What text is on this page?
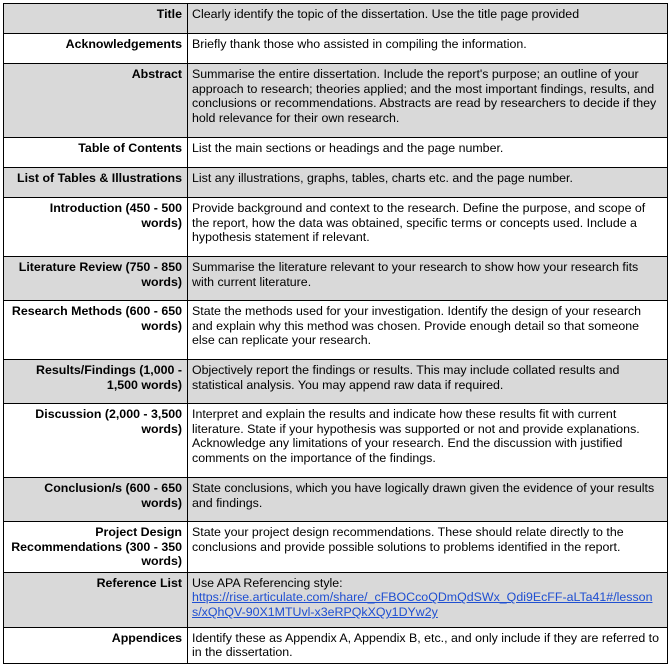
Title	Clearly identify the topic of the dissertation. Use the title page provided
Acknowledgements	Briefly thank those who assisted in compiling the information.
Abstract	Summarise the entire dissertation. Include the report's purpose; an outline of your approach to research; theories applied; and the most important findings, results, and conclusions or recommendations. Abstracts are read by researchers to decide if they hold relevance for their own research.
Table of Contents	List the main sections or headings and the page number.
List of Tables & Illustrations	List any illustrations, graphs, tables, charts etc. and the page number.
Introduction (450 - 500 words)	Provide background and context to the research. Define the purpose, and scope of the report, how the data was obtained, specific terms or concepts used. Include a hypothesis statement if relevant.
Literature Review (750 - 850 words)	Summarise the literature relevant to your research to show how your research fits with current literature.
Research Methods (600 - 650 words)	State the methods used for your investigation. Identify the design of your research and explain why this method was chosen. Provide enough detail so that someone else can replicate your research.
Results/Findings (1,000 - 1,500 words)	Objectively report the findings or results. This may include collated results and statistical analysis. You may append raw data if required.
Discussion (2,000 - 3,500 words)	Interpret and explain the results and indicate how these results fit with current literature. State if your hypothesis was supported or not and provide explanations. Acknowledge any limitations of your research. End the discussion with justified comments on the importance of the findings.
Conclusion/s (600 - 650 words)	State conclusions, which you have logically drawn given the evidence of your results and findings.
Project Design Recommendations (300 - 350 words)	State your project design recommendations. These should relate directly to the conclusions and provide possible solutions to problems identified in the report.
Reference List	Use APA Referencing style:
https://rise.articulate.com/share/_cFBOCcoQDmQdSWx_Qdi9EcFF-aLTa41#/lessons/xQhQV-90X1MTUvl-x3eRPQkXQy1DYw2y
Appendices	Identify these as Appendix A, Appendix B, etc., and only include if they are referred to in the dissertation.
